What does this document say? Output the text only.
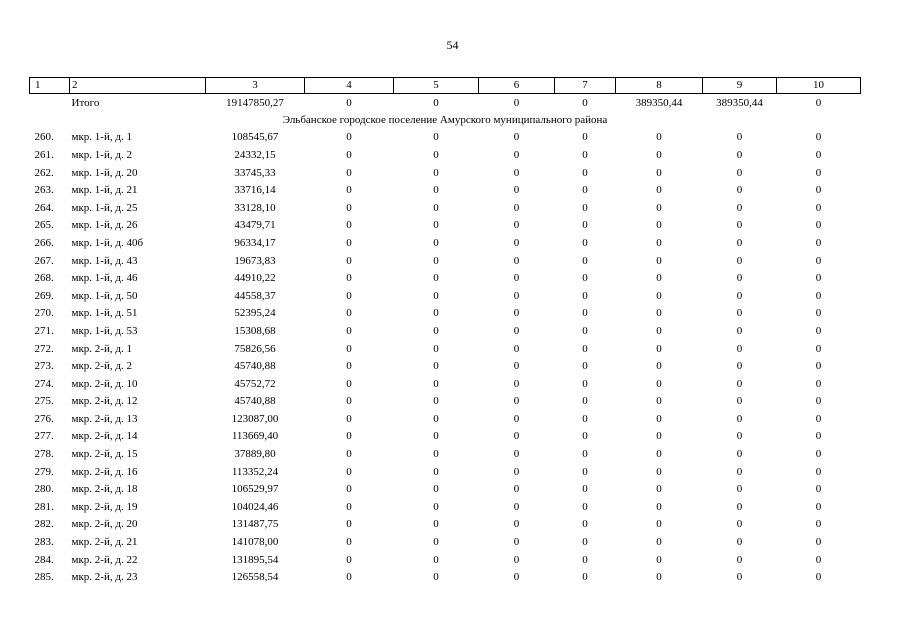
54
1	2	3	4	5	6	7	8	9	10
	Итого	19147850,27	0	0	0	0	389350,44	389350,44	0
Эльбанское городское поселение Амурского муниципального района									
260.	мкр. 1-й, д. 1	108545,67	0	0	0	0	0	0	0
261.	мкр. 1-й, д. 2	24332,15	0	0	0	0	0	0	0
262.	мкр. 1-й, д. 20	33745,33	0	0	0	0	0	0	0
263.	мкр. 1-й, д. 21	33716,14	0	0	0	0	0	0	0
264.	мкр. 1-й, д. 25	33128,10	0	0	0	0	0	0	0
265.	мкр. 1-й, д. 26	43479,71	0	0	0	0	0	0	0
266.	мкр. 1-й, д. 40б	96334,17	0	0	0	0	0	0	0
267.	мкр. 1-й, д. 43	19673,83	0	0	0	0	0	0	0
268.	мкр. 1-й, д. 46	44910,22	0	0	0	0	0	0	0
269.	мкр. 1-й, д. 50	44558,37	0	0	0	0	0	0	0
270.	мкр. 1-й, д. 51	52395,24	0	0	0	0	0	0	0
271.	мкр. 1-й, д. 53	15308,68	0	0	0	0	0	0	0
272.	мкр. 2-й, д. 1	75826,56	0	0	0	0	0	0	0
273.	мкр. 2-й, д. 2	45740,88	0	0	0	0	0	0	0
274.	мкр. 2-й, д. 10	45752,72	0	0	0	0	0	0	0
275.	мкр. 2-й, д. 12	45740,88	0	0	0	0	0	0	0
276.	мкр. 2-й, д. 13	123087,00	0	0	0	0	0	0	0
277.	мкр. 2-й, д. 14	113669,40	0	0	0	0	0	0	0
278.	мкр. 2-й, д. 15	37889,80	0	0	0	0	0	0	0
279.	мкр. 2-й, д. 16	113352,24	0	0	0	0	0	0	0
280.	мкр. 2-й, д. 18	106529,97	0	0	0	0	0	0	0
281.	мкр. 2-й, д. 19	104024,46	0	0	0	0	0	0	0
282.	мкр. 2-й, д. 20	131487,75	0	0	0	0	0	0	0
283.	мкр. 2-й, д. 21	141078,00	0	0	0	0	0	0	0
284.	мкр. 2-й, д. 22	131895,54	0	0	0	0	0	0	0
285.	мкр. 2-й, д. 23	126558,54	0	0	0	0	0	0	0
